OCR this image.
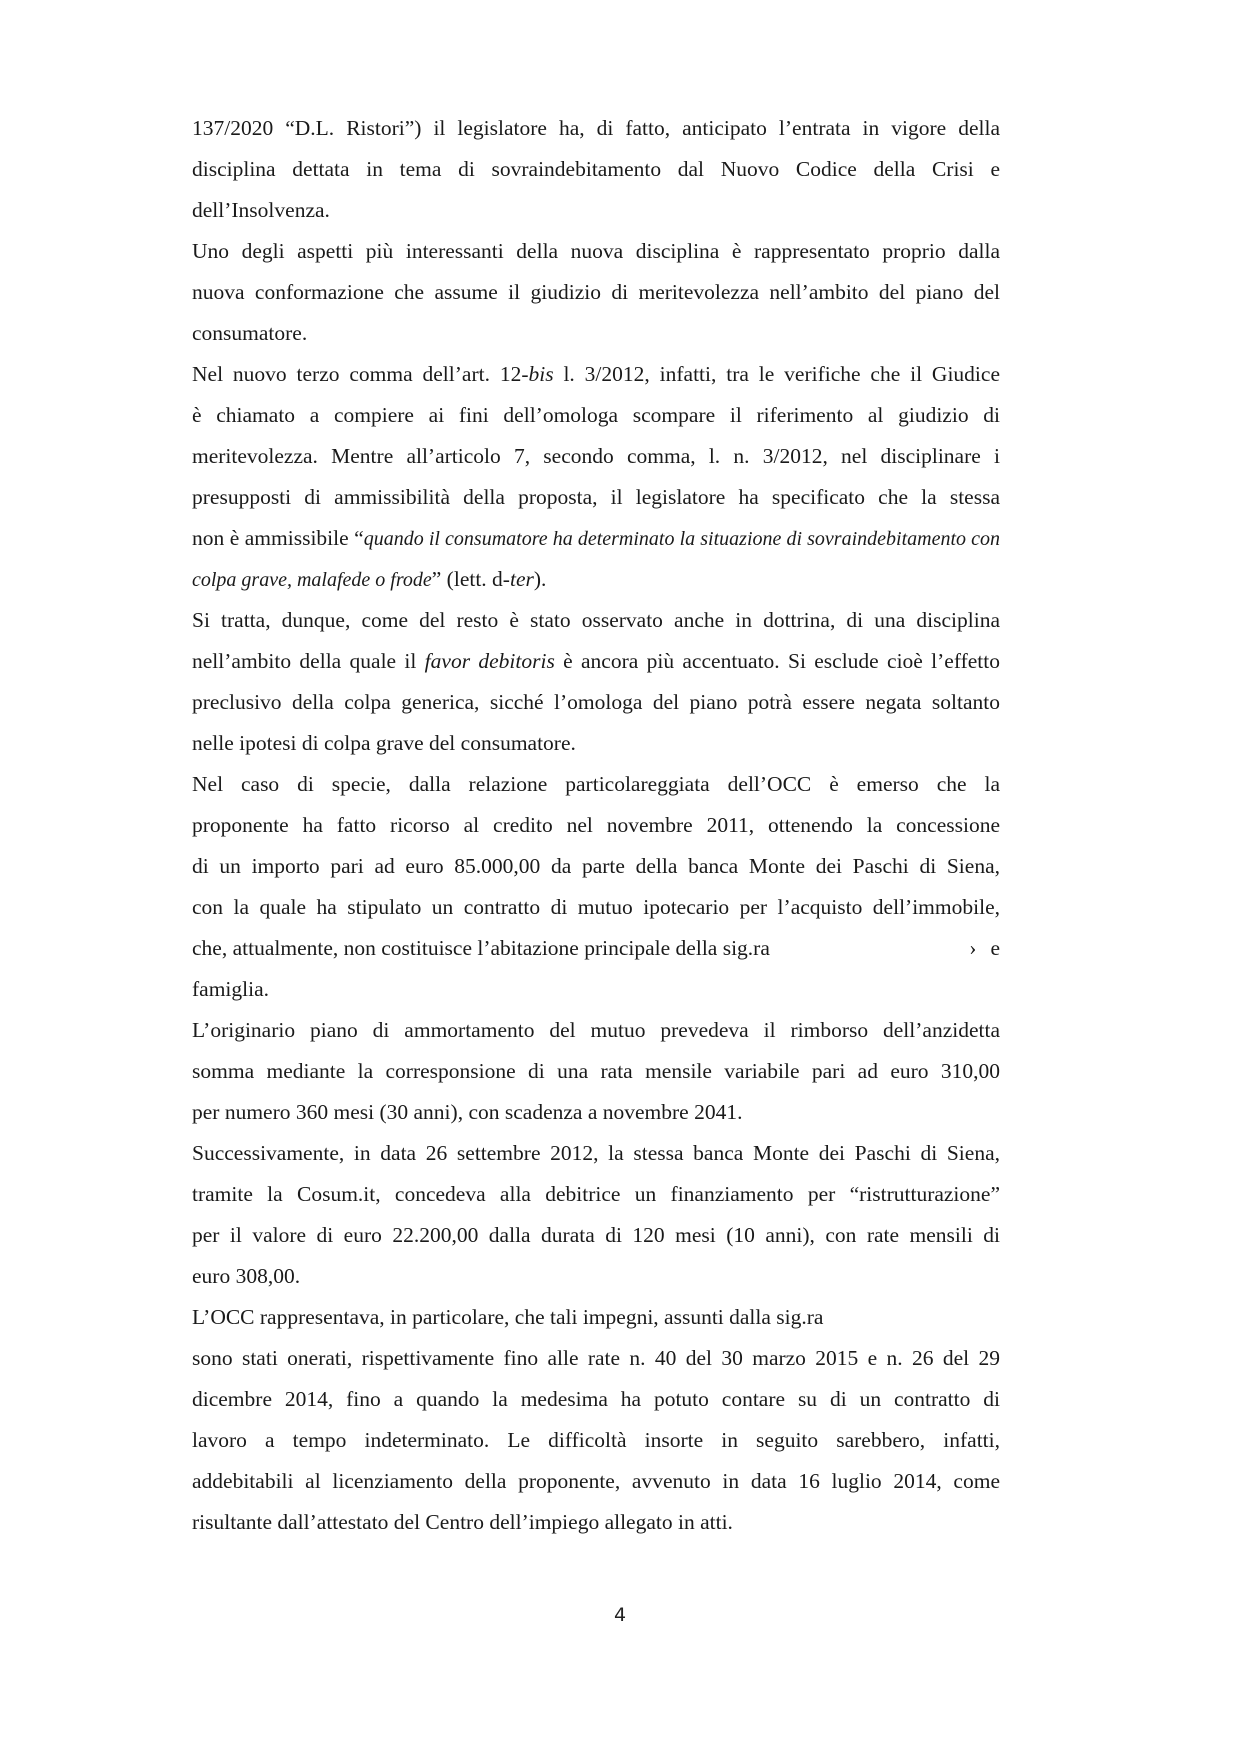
137/2020 “D.L. Ristori”) il legislatore ha, di fatto, anticipato l’entrata in vigore della
disciplina dettata in tema di sovraindebitamento dal Nuovo Codice della Crisi e
dell’Insolvenza.

Uno degli aspetti più interessanti della nuova disciplina è rappresentato proprio dalla
nuova conformazione che assume il giudizio di meritevolezza nell’ambito del piano del
consumatore.

Nel nuovo terzo comma dell’art. 12-bis l. 3/2012, infatti, tra le verifiche che il Giudice
è chiamato a compiere ai fini dell’omologa scompare il riferimento al giudizio di
meritevolezza. Mentre all’articolo 7, secondo comma, l. n. 3/2012, nel disciplinare i
presupposti di ammissibilità della proposta, il legislatore ha specificato che la stessa
non è ammissibile “quando il consumatore ha determinato la situazione di sovraindebitamento con
colpa grave, malafede o frode” (lett. d-ter).

Si tratta, dunque, come del resto è stato osservato anche in dottrina, di una disciplina
nell’ambito della quale il favor debitoris è ancora più accentuato. Si esclude cioè l’effetto
preclusivo della colpa generica, sicché l’omologa del piano potrà essere negata soltanto
nelle ipotesi di colpa grave del consumatore.

Nel caso di specie, dalla relazione particolareggiata dell’OCC è emerso che la
proponente ha fatto ricorso al credito nel novembre 2011, ottenendo la concessione
di un importo pari ad euro 85.000,00 da parte della banca Monte dei Paschi di Siena,
con la quale ha stipulato un contratto di mutuo ipotecario per l’acquisto dell’immobile,
che, attualmente, non costituisce l’abitazione principale della sig.ra	› e
famiglia.

L’originario piano di ammortamento del mutuo prevedeva il rimborso dell’anzidetta
somma mediante la corresponsione di una rata mensile variabile pari ad euro 310,00
per numero 360 mesi (30 anni), con scadenza a novembre 2041.

Successivamente, in data 26 settembre 2012, la stessa banca Monte dei Paschi di Siena,
tramite la Cosum.it, concedeva alla debitrice un finanziamento per “ristrutturazione”
per il valore di euro 22.200,00 dalla durata di 120 mesi (10 anni), con rate mensili di
euro 308,00.

L’OCC rappresentava, in particolare, che tali impegni, assunti dalla sig.ra
sono stati onerati, rispettivamente fino alle rate n. 40 del 30 marzo 2015 e n. 26 del 29
dicembre 2014, fino a quando la medesima ha potuto contare su di un contratto di
lavoro a tempo indeterminato. Le difficoltà insorte in seguito sarebbero, infatti,
addebitabili al licenziamento della proponente, avvenuto in data 16 luglio 2014, come
risultante dall’attestato del Centro dell’impiego allegato in atti.

4
